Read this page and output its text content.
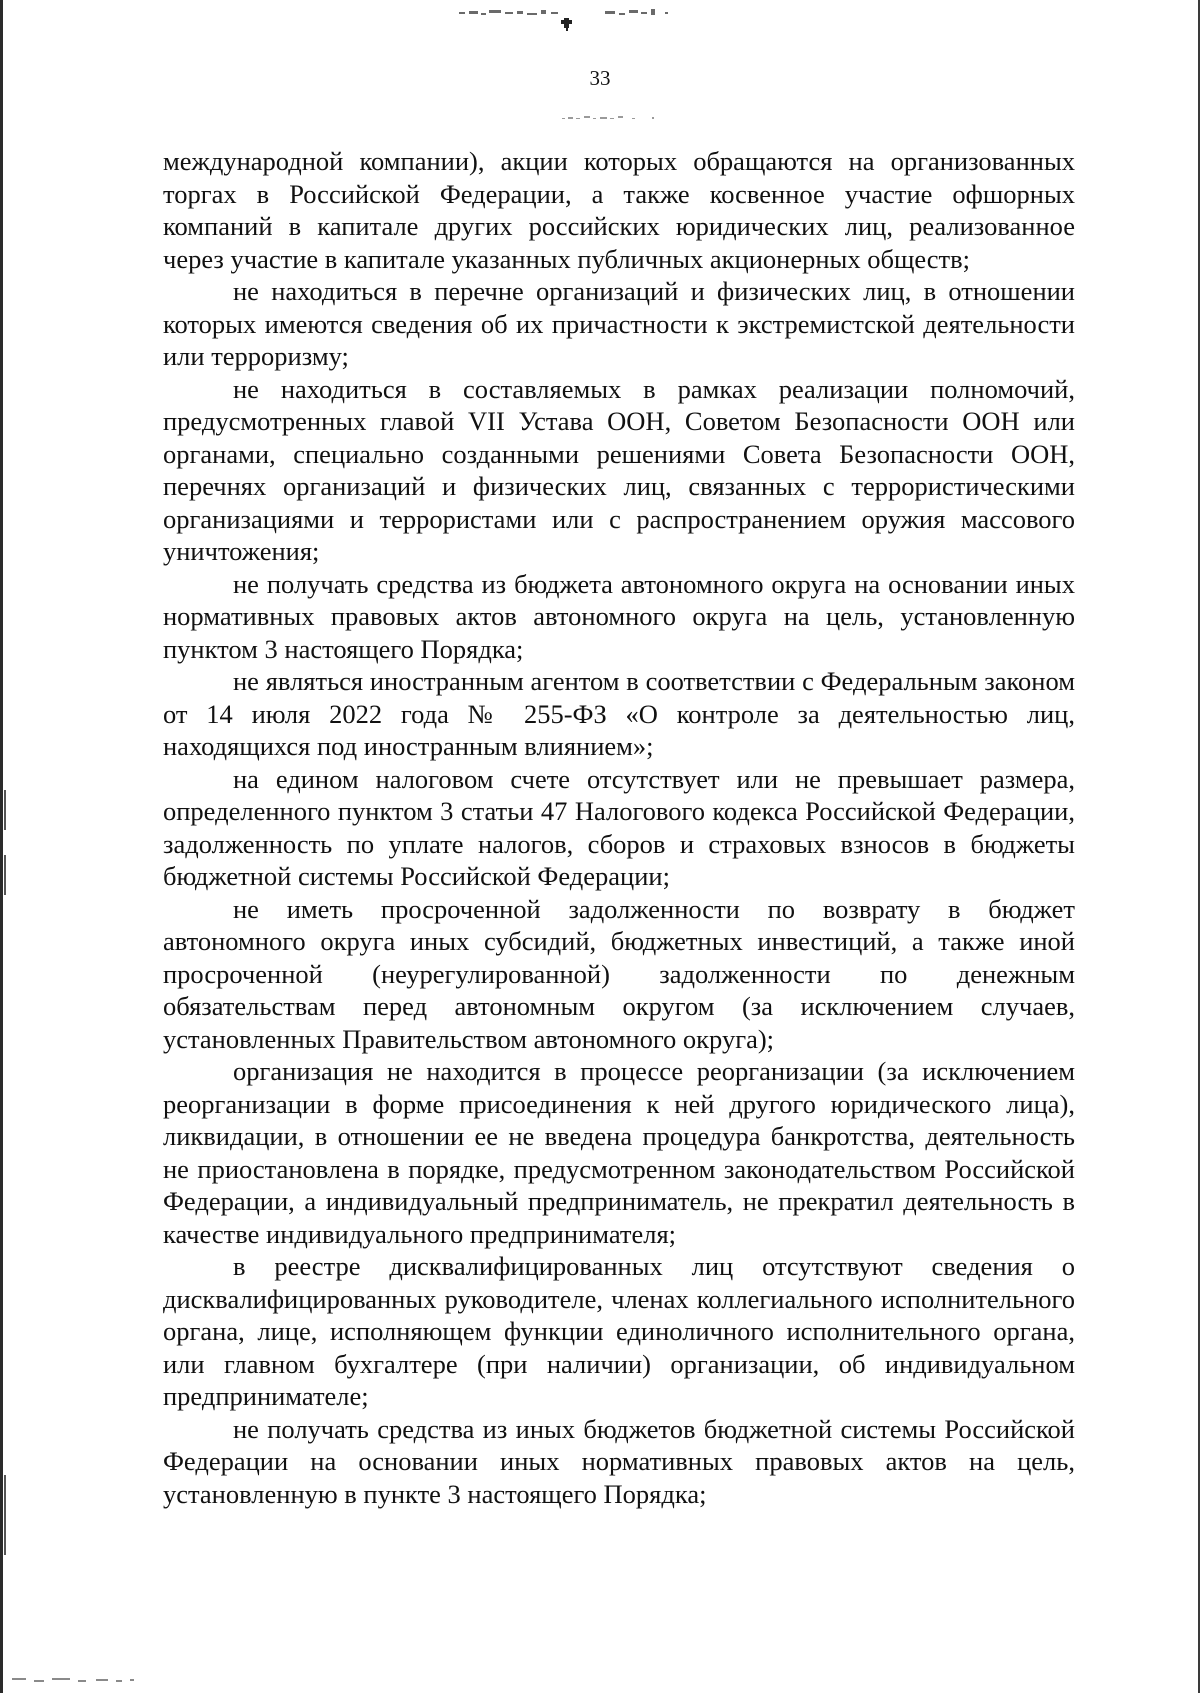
33

международной компании), акции которых обращаются на организованных торгах в Российской Федерации, а также косвенное участие офшорных компаний в капитале других российских юридических лиц, реализованное через участие в капитале указанных публичных акционерных обществ;

не находиться в перечне организаций и физических лиц, в отношении которых имеются сведения об их причастности к экстремистской деятельности или терроризму;

не находиться в составляемых в рамках реализации полномочий, предусмотренных главой VII Устава ООН, Советом Безопасности ООН или органами, специально созданными решениями Совета Безопасности ООН, перечнях организаций и физических лиц, связанных с террористическими организациями и террористами или с распространением оружия массового уничтожения;

не получать средства из бюджета автономного округа на основании иных нормативных правовых актов автономного округа на цель, установленную пунктом 3 настоящего Порядка;

не являться иностранным агентом в соответствии с Федеральным законом от 14 июля 2022 года № 255-ФЗ «О контроле за деятельностью лиц, находящихся под иностранным влиянием»;

на едином налоговом счете отсутствует или не превышает размера, определенного пунктом 3 статьи 47 Налогового кодекса Российской Федерации, задолженность по уплате налогов, сборов и страховых взносов в бюджеты бюджетной системы Российской Федерации;

не иметь просроченной задолженности по возврату в бюджет автономного округа иных субсидий, бюджетных инвестиций, а также иной просроченной (неурегулированной) задолженности по денежным обязательствам перед автономным округом (за исключением случаев, установленных Правительством автономного округа);

организация не находится в процессе реорганизации (за исключением реорганизации в форме присоединения к ней другого юридического лица), ликвидации, в отношении ее не введена процедура банкротства, деятельность не приостановлена в порядке, предусмотренном законодательством Российской Федерации, а индивидуальный предприниматель, не прекратил деятельность в качестве индивидуального предпринимателя;

в реестре дисквалифицированных лиц отсутствуют сведения о дисквалифицированных руководителе, членах коллегиального исполнительного органа, лице, исполняющем функции единоличного исполнительного органа, или главном бухгалтере (при наличии) организации, об индивидуальном предпринимателе;

не получать средства из иных бюджетов бюджетной системы Российской Федерации на основании иных нормативных правовых актов на цель, установленную в пункте 3 настоящего Порядка;
